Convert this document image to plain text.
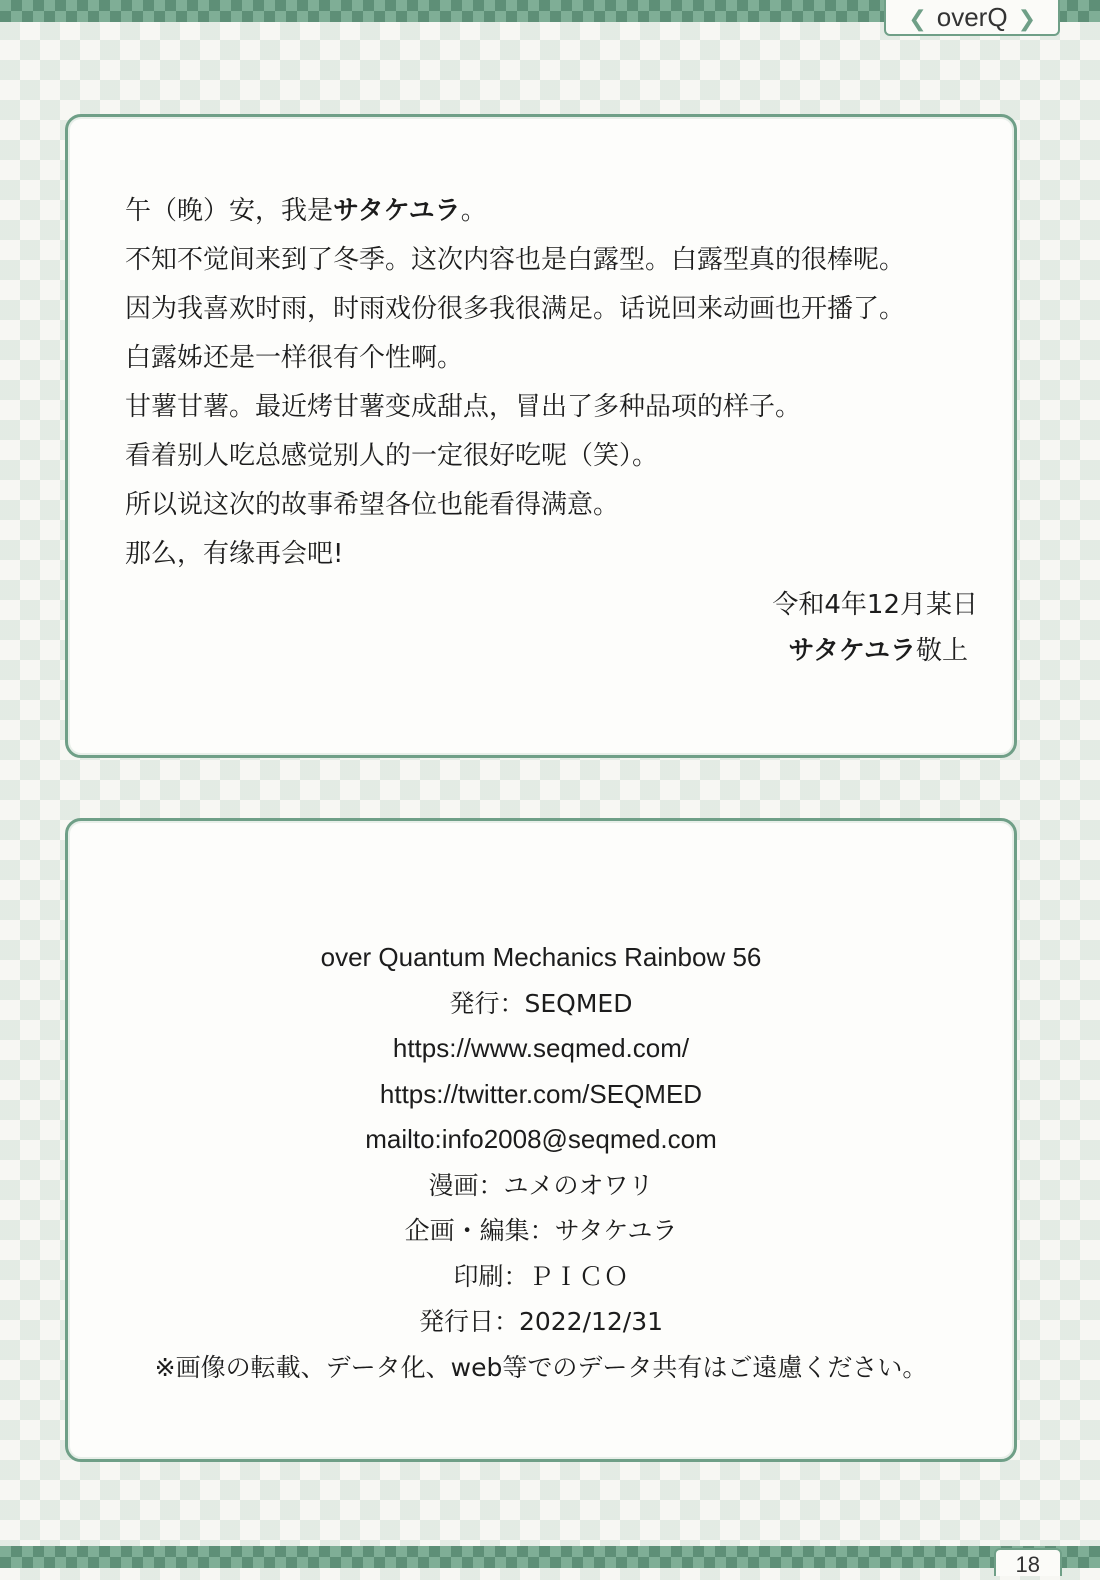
❮ overQ ❯
午（晚）安，我是サタケユラ。
不知不觉间来到了冬季。这次内容也是白露型。白露型真的很棒呢。
因为我喜欢时雨，时雨戏份很多我很满足。话说回来动画也开播了。
白露姊还是一样很有个性啊。
甘薯甘薯。最近烤甘薯变成甜点，冒出了多种品项的样子。
看着别人吃总感觉别人的一定很好吃呢（笑）。
所以说这次的故事希望各位也能看得满意。
那么，有缘再会吧!
令和4年12月某日
サタケユラ敬上
over Quantum Mechanics Rainbow 56
発行：SEQMED
https://www.seqmed.com/
https://twitter.com/SEQMED
mailto:info2008@seqmed.com
漫画：ユメのオワリ
企画・編集：サタケユラ
印刷：ＰＩＣＯ
発行日：2022/12/31
※画像の転載、データ化、web等でのデータ共有はご遠慮ください。
18
